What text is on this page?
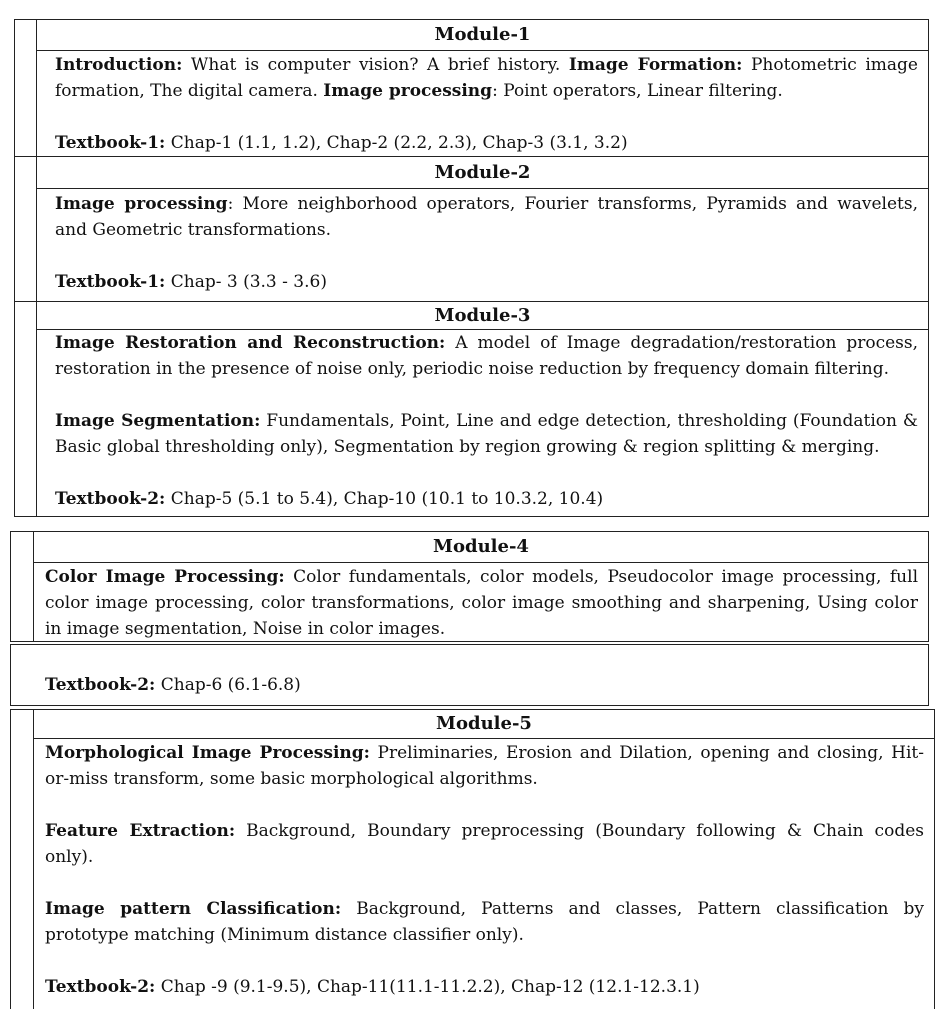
Module-1

Introduction: What is computer vision? A brief history. Image Formation: Photometric image formation, The digital camera. Image processing: Point operators, Linear filtering.

Textbook-1: Chap-1 (1.1, 1.2), Chap-2 (2.2, 2.3), Chap-3 (3.1, 3.2)

Module-2

Image processing: More neighborhood operators, Fourier transforms, Pyramids and wavelets, and Geometric transformations.

Textbook-1: Chap- 3 (3.3 - 3.6)

Module-3

Image Restoration and Reconstruction: A model of Image degradation/restoration process, restoration in the presence of noise only, periodic noise reduction by frequency domain filtering.

Image Segmentation: Fundamentals, Point, Line and edge detection, thresholding (Foundation & Basic global thresholding only), Segmentation by region growing & region splitting & merging.

Textbook-2: Chap-5 (5.1 to 5.4), Chap-10 (10.1 to 10.3.2, 10.4)

Module-4

Color Image Processing: Color fundamentals, color models, Pseudocolor image processing, full color image processing, color transformations, color image smoothing and sharpening, Using color in image segmentation, Noise in color images.

Textbook-2: Chap-6 (6.1-6.8)

Module-5

Morphological Image Processing: Preliminaries, Erosion and Dilation, opening and closing, Hit-or-miss transform, some basic morphological algorithms.

Feature Extraction: Background, Boundary preprocessing (Boundary following & Chain codes only).

Image pattern Classification: Background, Patterns and classes, Pattern classification by prototype matching (Minimum distance classifier only).

Textbook-2: Chap -9 (9.1-9.5), Chap-11(11.1-11.2.2), Chap-12 (12.1-12.3.1)
